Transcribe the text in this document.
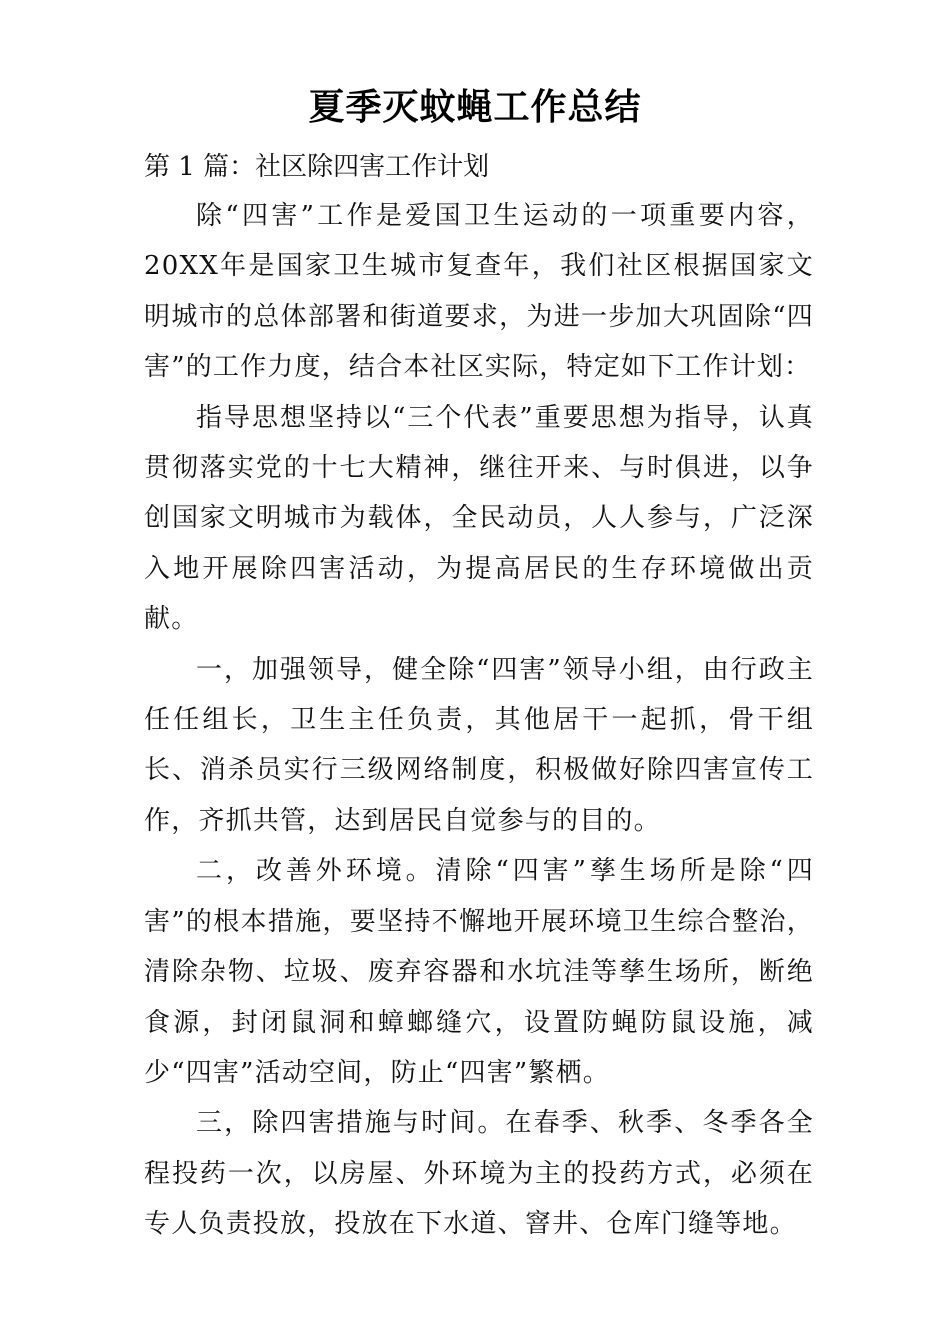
夏季灭蚊蝇工作总结

第 1 篇：社区除四害工作计划

除“四害”工作是爱国卫生运动的一项重要内容，20XX年是国家卫生城市复查年，我们社区根据国家文明城市的总体部署和街道要求，为进一步加大巩固除“四害”的工作力度，结合本社区实际，特定如下工作计划：

指导思想坚持以“三个代表”重要思想为指导，认真贯彻落实党的十七大精神，继往开来、与时俱进，以争创国家文明城市为载体，全民动员，人人参与，广泛深入地开展除四害活动，为提高居民的生存环境做出贡献。

一，加强领导，健全除“四害”领导小组，由行政主任任组长，卫生主任负责，其他居干一起抓，骨干组长、消杀员实行三级网络制度，积极做好除四害宣传工作，齐抓共管，达到居民自觉参与的目的。

二，改善外环境。清除“四害”孳生场所是除“四害”的根本措施，要坚持不懈地开展环境卫生综合整治，清除杂物、垃圾、废弃容器和水坑洼等孳生场所，断绝食源，封闭鼠洞和蟑螂缝穴，设置防蝇防鼠设施，减少“四害”活动空间，防止“四害”繁栖。

三，除四害措施与时间。在春季、秋季、冬季各全程投药一次，以房屋、外环境为主的投药方式，必须在专人负责投放，投放在下水道、窨井、仓库门缝等地。
